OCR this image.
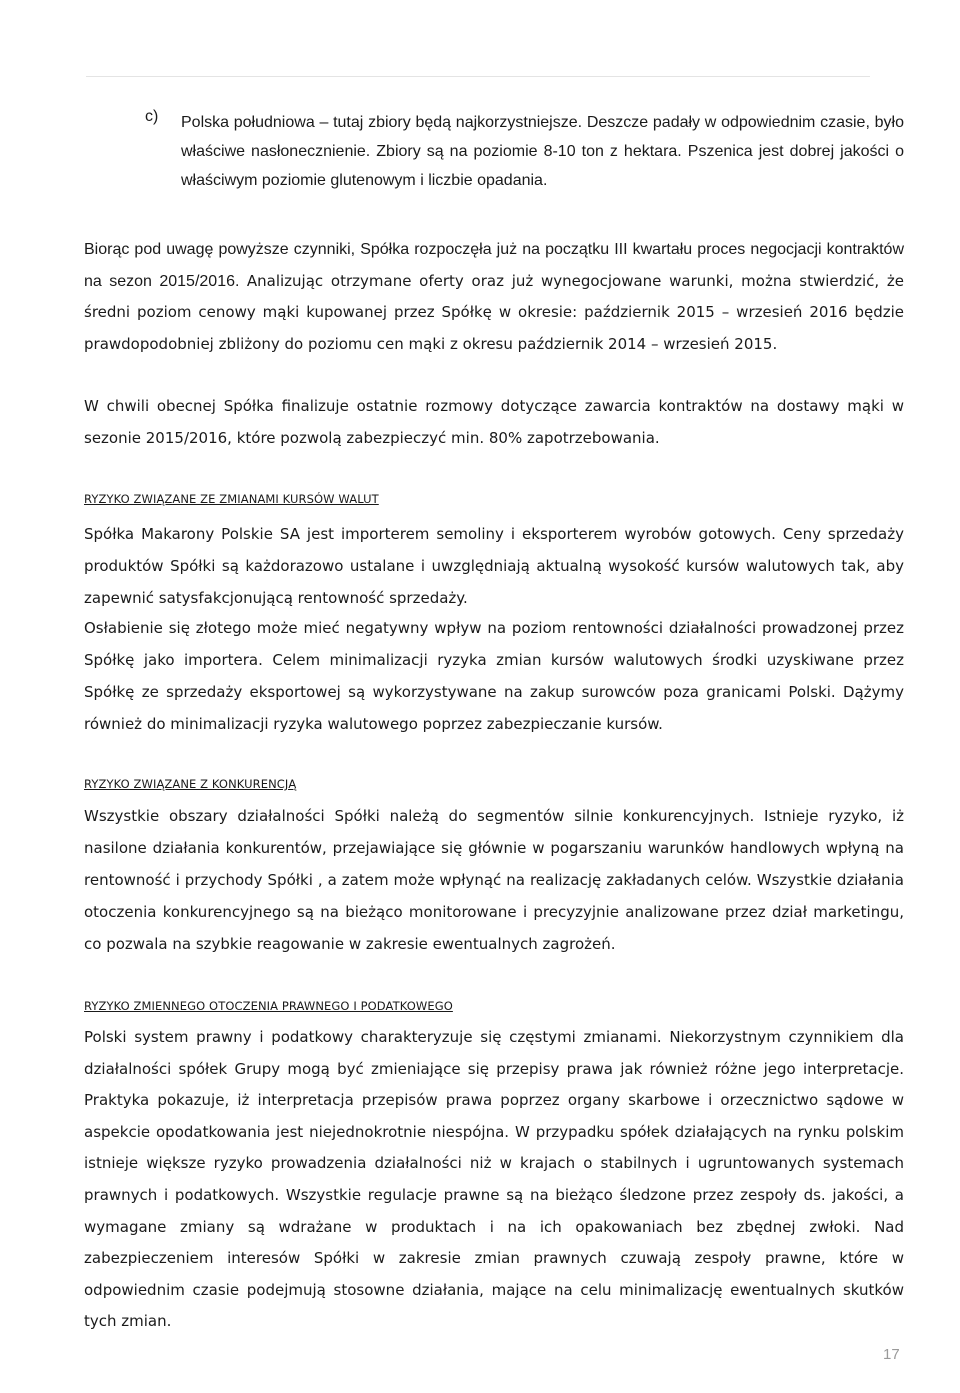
Makarony Polskie SA
Jednostkowe sprawozdanie finansowe za 6 miesięcy zakończone 30 czerwca 2015 roku
(w tysiącach złotych)
c) Polska południowa – tutaj zbiory będą najkorzystniejsze. Deszcze padały w odpowiednim czasie, było właściwe nasłonecznienie. Zbiory są na poziomie 8-10 ton z hektara. Pszenica jest dobrej jakości o właściwym poziomie glutenowym i liczbie opadania.
Biorąc pod uwagę powyższe czynniki, Spółka rozpoczęła już na początku III kwartału proces negocjacji kontraktów na sezon 2015/2016. Analizując otrzymane oferty oraz już wynegocjowane warunki, można stwierdzić, że średni poziom cenowy mąki kupowanej przez Spółkę w okresie: październik 2015 – wrzesień 2016 będzie prawdopodobniej zbliżony do poziomu cen mąki z okresu październik 2014 – wrzesień 2015.
W chwili obecnej Spółka finalizuje ostatnie rozmowy dotyczące zawarcia kontraktów na dostawy mąki w sezonie 2015/2016, które pozwolą zabezpieczyć min. 80% zapotrzebowania.
RYZYKO ZWIĄZANE ZE ZMIANAMI KURSÓW WALUT
Spółka Makarony Polskie SA jest importerem semoliny i eksporterem wyrobów gotowych. Ceny sprzedaży produktów Spółki są każdorazowo ustalane i uwzględniają aktualną wysokość kursów walutowych tak, aby zapewnić satysfakcjonującą rentowność sprzedaży.
Osłabienie się złotego może mieć negatywny wpływ na poziom rentowności działalności prowadzonej przez Spółkę jako importera. Celem minimalizacji ryzyka zmian kursów walutowych środki uzyskiwane przez Spółkę ze sprzedaży eksportowej są wykorzystywane na zakup surowców poza granicami Polski. Dążymy również do minimalizacji ryzyka walutowego poprzez zabezpieczanie kursów.
RYZYKO ZWIĄZANE Z KONKURENCJĄ
Wszystkie obszary działalności Spółki należą do segmentów silnie konkurencyjnych. Istnieje ryzyko, iż nasilone działania konkurentów, przejawiające się głównie w pogarszaniu warunków handlowych wpłyną na rentowność i przychody Spółki , a zatem może wpłynąć na realizację zakładanych celów. Wszystkie działania otoczenia konkurencyjnego są na bieżąco monitorowane i precyzyjnie analizowane przez dział marketingu, co pozwala na szybkie reagowanie w zakresie ewentualnych zagrożeń.
RYZYKO ZMIENNEGO OTOCZENIA PRAWNEGO I PODATKOWEGO
Polski system prawny i podatkowy charakteryzuje się częstymi zmianami. Niekorzystnym czynnikiem dla działalności spółek Grupy mogą być zmieniające się przepisy prawa jak również różne jego interpretacje. Praktyka pokazuje, iż interpretacja przepisów prawa poprzez organy skarbowe i orzecznictwo sądowe w aspekcie opodatkowania jest niejednokrotnie niespójna. W przypadku spółek działających na rynku polskim istnieje większe ryzyko prowadzenia działalności niż w krajach o stabilnych i ugruntowanych systemach prawnych i podatkowych. Wszystkie regulacje prawne są na bieżąco śledzone przez zespoły ds. jakości, a wymagane zmiany są wdrażane w produktach i na ich opakowaniach bez zbędnej zwłoki. Nad zabezpieczeniem interesów Spółki w zakresie zmian prawnych czuwają zespoły prawne, które w odpowiednim czasie podejmują stosowne działania, mające na celu minimalizację ewentualnych skutków tych zmian.
17
